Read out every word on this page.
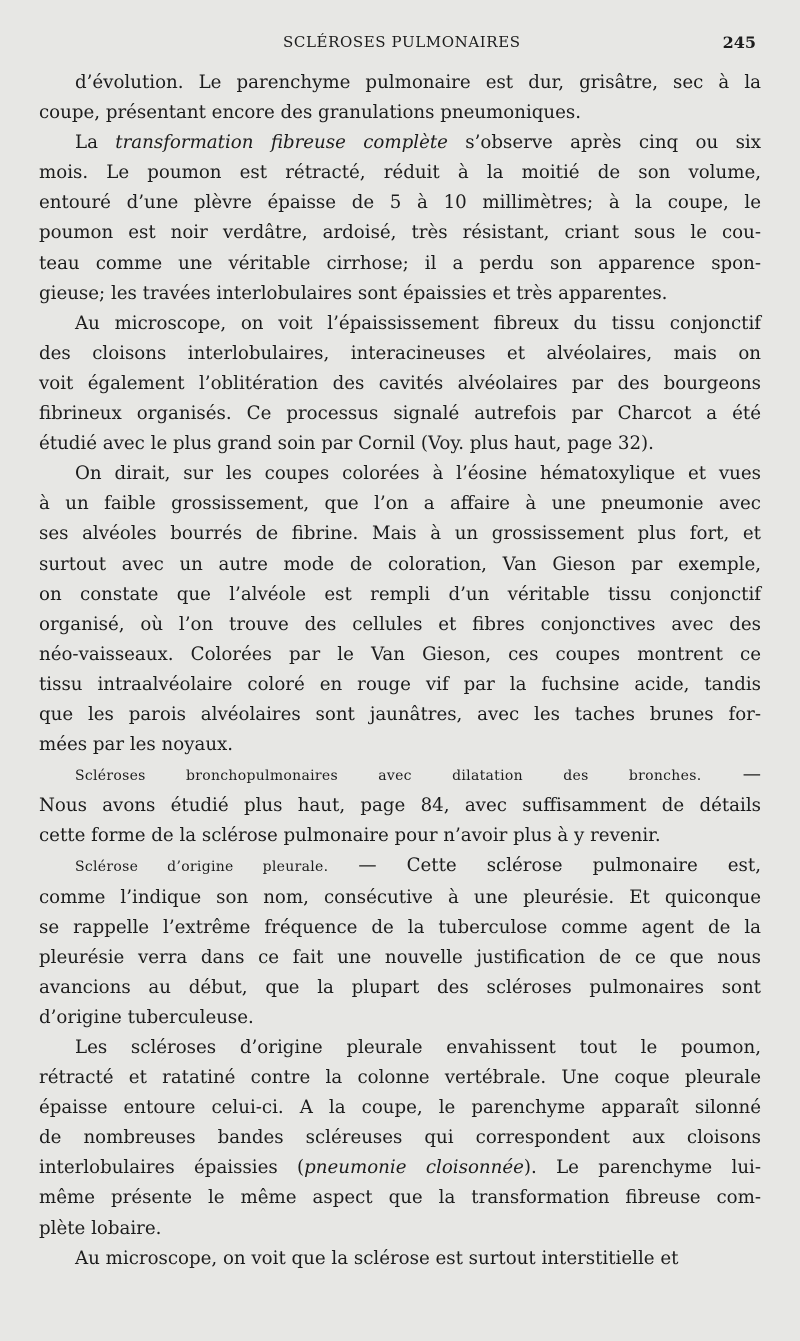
SCLÉROSES PULMONAIRES	245
d’évolution. Le parenchyme pulmonaire est dur, grisâtre, sec à la
coupe, présentant encore des granulations pneumoniques.
La transformation fibreuse complète s’observe après cinq ou six
mois. Le poumon est rétracté, réduit à la moitié de son volume,
entouré d’une plèvre épaisse de 5 à 10 millimètres; à la coupe, le
poumon est noir verdâtre, ardoisé, très résistant, criant sous le cou-
teau comme une véritable cirrhose; il a perdu son apparence spon-
gieuse; les travées interlobulaires sont épaissies et très apparentes.
Au microscope, on voit l’épaississement fibreux du tissu conjonctif
des cloisons interlobulaires, interacineuses et alvéolaires, mais on
voit également l’oblitération des cavités alvéolaires par des bourgeons
fibrineux organisés. Ce processus signalé autrefois par Charcot a été
étudié avec le plus grand soin par Cornil (Voy. plus haut, page 32).
On dirait, sur les coupes colorées à l’éosine hématoxylique et vues
à un faible grossissement, que l’on a affaire à une pneumonie avec
ses alvéoles bourrés de fibrine. Mais à un grossissement plus fort, et
surtout avec un autre mode de coloration, Van Gieson par exemple,
on constate que l’alvéole est rempli d’un véritable tissu conjonctif
organisé, où l’on trouve des cellules et fibres conjonctives avec des
néo-vaisseaux. Colorées par le Van Gieson, ces coupes montrent ce
tissu intraalvéolaire coloré en rouge vif par la fuchsine acide, tandis
que les parois alvéolaires sont jaunâtres, avec les taches brunes for-
mées par les noyaux.
Scléroses bronchopulmonaires avec dilatation des bronches. —
Nous avons étudié plus haut, page 84, avec suffisamment de détails
cette forme de la sclérose pulmonaire pour n’avoir plus à y revenir.
Sclérose d’origine pleurale. — Cette sclérose pulmonaire est,
comme l’indique son nom, consécutive à une pleurésie. Et quiconque
se rappelle l’extrême fréquence de la tuberculose comme agent de la
pleurésie verra dans ce fait une nouvelle justification de ce que nous
avancions au début, que la plupart des scléroses pulmonaires sont
d’origine tuberculeuse.
Les scléroses d’origine pleurale envahissent tout le poumon,
rétracté et ratatiné contre la colonne vertébrale. Une coque pleurale
épaisse entoure celui-ci. A la coupe, le parenchyme apparaît silonné
de nombreuses bandes scléreuses qui correspondent aux cloisons
interlobulaires épaissies (pneumonie cloisonnée). Le parenchyme lui-
même présente le même aspect que la transformation fibreuse com-
plète lobaire.
Au microscope, on voit que la sclérose est surtout interstitielle et
